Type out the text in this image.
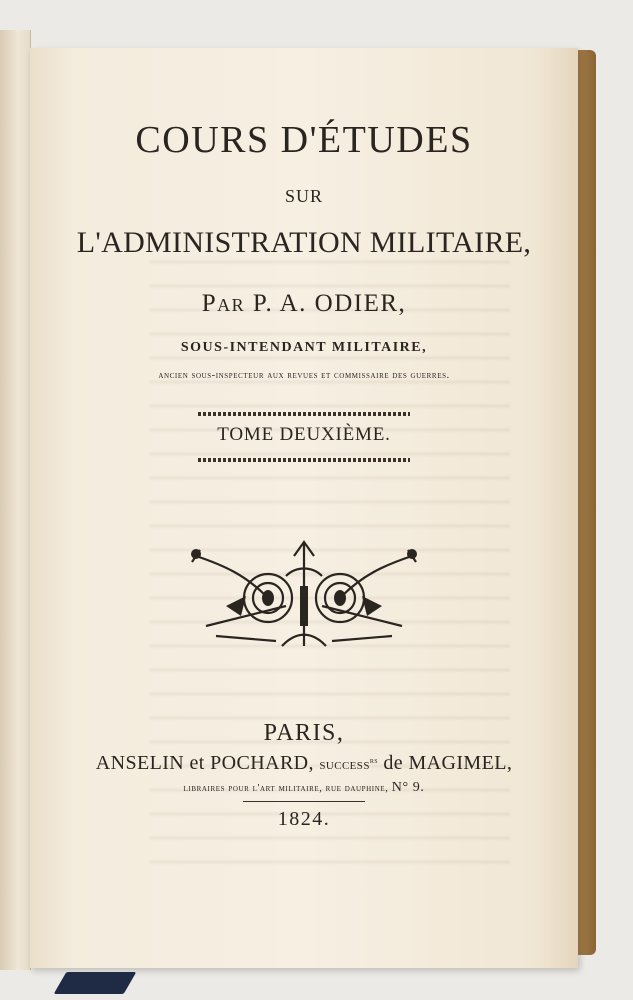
COURS D'ÉTUDES
SUR
L'ADMINISTRATION MILITAIRE,
Par P. A. ODIER,
SOUS-INTENDANT MILITAIRE,
ancien sous-inspecteur aux revues et commissaire des guerres.
TOME DEUXIÈME.
PARIS,
ANSELIN et POCHARD, success$^{rs}$ de MAGIMEL,
libraires pour l'art militaire, rue dauphine, N° 9.
1824.
